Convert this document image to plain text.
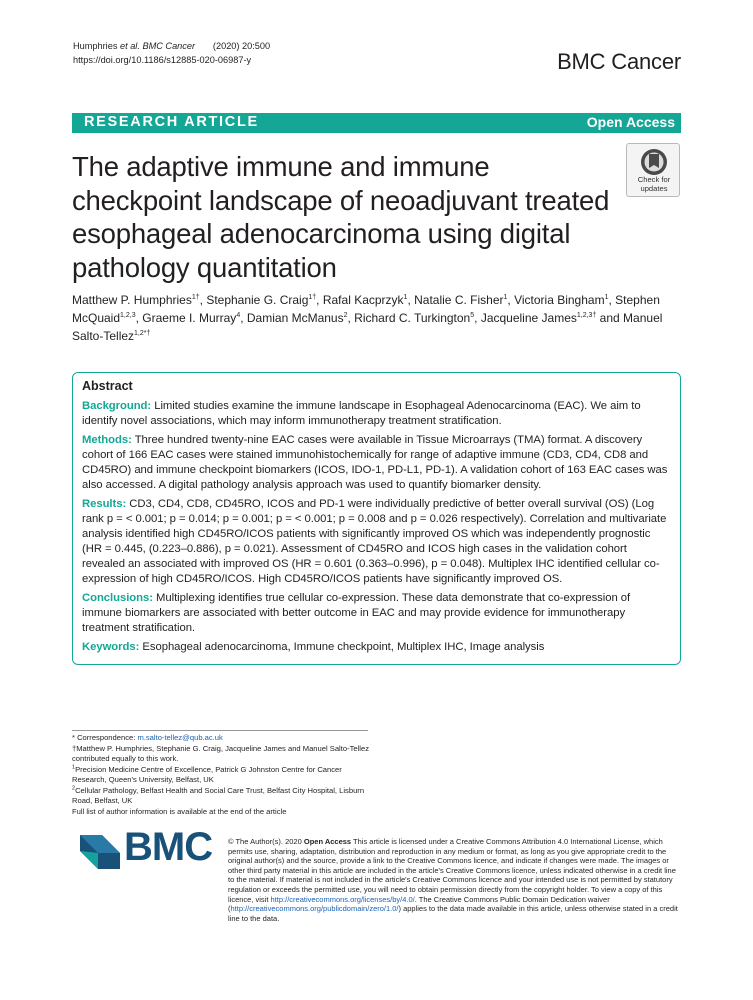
Humphries et al. BMC Cancer (2020) 20:500
https://doi.org/10.1186/s12885-020-06987-y	BMC Cancer
RESEARCH ARTICLE	Open Access
The adaptive immune and immune checkpoint landscape of neoadjuvant treated esophageal adenocarcinoma using digital pathology quantitation
Check for
updates
Matthew P. Humphries$^{1\dagger}$, Stephanie G. Craig$^{1\dagger}$, Rafal Kacprzyk$^1$, Natalie C. Fisher$^1$, Victoria Bingham$^1$, Stephen McQuaid$^{1,2,3}$, Graeme I. Murray$^4$, Damian McManus$^2$, Richard C. Turkington$^5$, Jacqueline James$^{1,2,3\dagger}$ and Manuel Salto-Tellez$^{1,2*\dagger}$
Abstract
Background: Limited studies examine the immune landscape in Esophageal Adenocarcinoma (EAC). We aim to identify novel associations, which may inform immunotherapy treatment stratification.
Methods: Three hundred twenty-nine EAC cases were available in Tissue Microarrays (TMA) format. A discovery cohort of 166 EAC cases were stained immunohistochemically for range of adaptive immune (CD3, CD4, CD8 and CD45RO) and immune checkpoint biomarkers (ICOS, IDO-1, PD-L1, PD-1). A validation cohort of 163 EAC cases was also accessed. A digital pathology analysis approach was used to quantify biomarker density.
Results: CD3, CD4, CD8, CD45RO, ICOS and PD-1 were individually predictive of better overall survival (OS) (Log rank p = < 0.001; p = 0.014; p = 0.001; p = < 0.001; p = 0.008 and p = 0.026 respectively). Correlation and multivariate analysis identified high CD45RO/ICOS patients with significantly improved OS which was independently prognostic (HR = 0.445, (0.223–0.886), p = 0.021). Assessment of CD45RO and ICOS high cases in the validation cohort revealed an associated with improved OS (HR = 0.601 (0.363–0.996), p = 0.048). Multiplex IHC identified cellular co-expression of high CD45RO/ICOS. High CD45RO/ICOS patients have significantly improved OS.
Conclusions: Multiplexing identifies true cellular co-expression. These data demonstrate that co-expression of immune biomarkers are associated with better outcome in EAC and may provide evidence for immunotherapy treatment stratification.
Keywords: Esophageal adenocarcinoma, Immune checkpoint, Multiplex IHC, Image analysis
* Correspondence: m.salto-tellez@qub.ac.uk
†Matthew P. Humphries, Stephanie G. Craig, Jacqueline James and Manuel Salto-Tellez contributed equally to this work.
$^1$Precision Medicine Centre of Excellence, Patrick G Johnston Centre for Cancer Research, Queen's University, Belfast, UK
$^2$Cellular Pathology, Belfast Health and Social Care Trust, Belfast City Hospital, Lisburn Road, Belfast, UK
Full list of author information is available at the end of the article
BMC © The Author(s). 2020 Open Access This article is licensed under a Creative Commons Attribution 4.0 International License, which permits use, sharing, adaptation, distribution and reproduction in any medium or format, as long as you give appropriate credit to the original author(s) and the source, provide a link to the Creative Commons licence, and indicate if changes were made. The images or other third party material in this article are included in the article's Creative Commons licence, unless indicated otherwise in a credit line to the material. If material is not included in the article's Creative Commons licence and your intended use is not permitted by statutory regulation or exceeds the permitted use, you will need to obtain permission directly from the copyright holder. To view a copy of this licence, visit http://creativecommons.org/licenses/by/4.0/. The Creative Commons Public Domain Dedication waiver (http://creativecommons.org/publicdomain/zero/1.0/) applies to the data made available in this article, unless otherwise stated in a credit line to the data.
